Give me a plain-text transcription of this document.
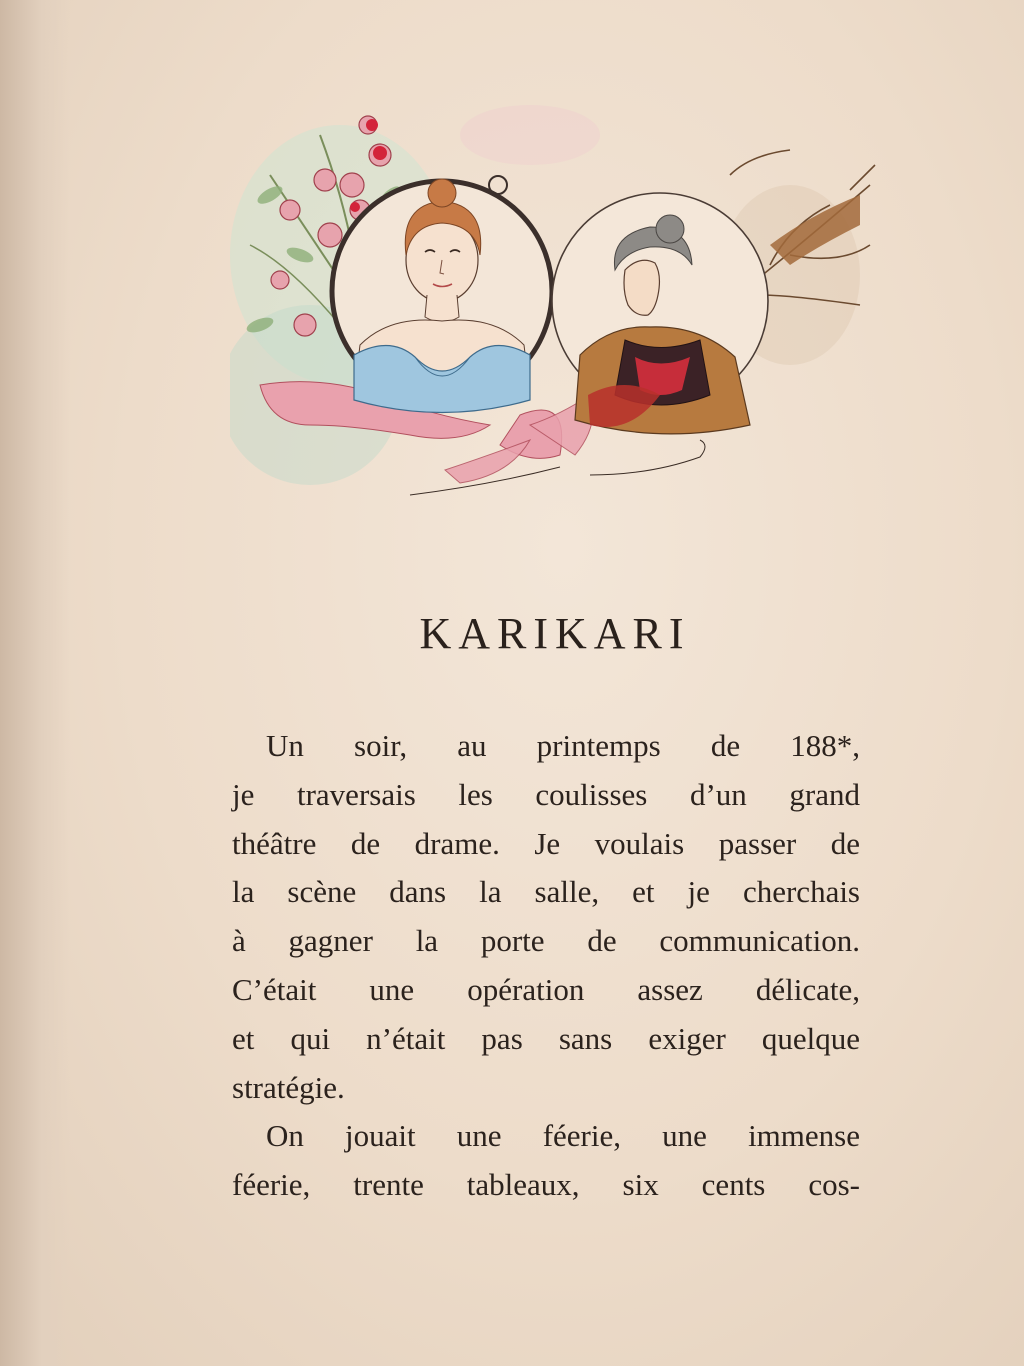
KARIKARI
Un soir, au printemps de 188*,
je traversais les coulisses d’un grand
théâtre de drame. Je voulais passer de
la scène dans la salle, et je cherchais
à gagner la porte de communication.
C’était une opération assez délicate,
et qui n’était pas sans exiger quelque
stratégie.
On jouait une féerie, une immense
féerie, trente tableaux, six cents cos-
